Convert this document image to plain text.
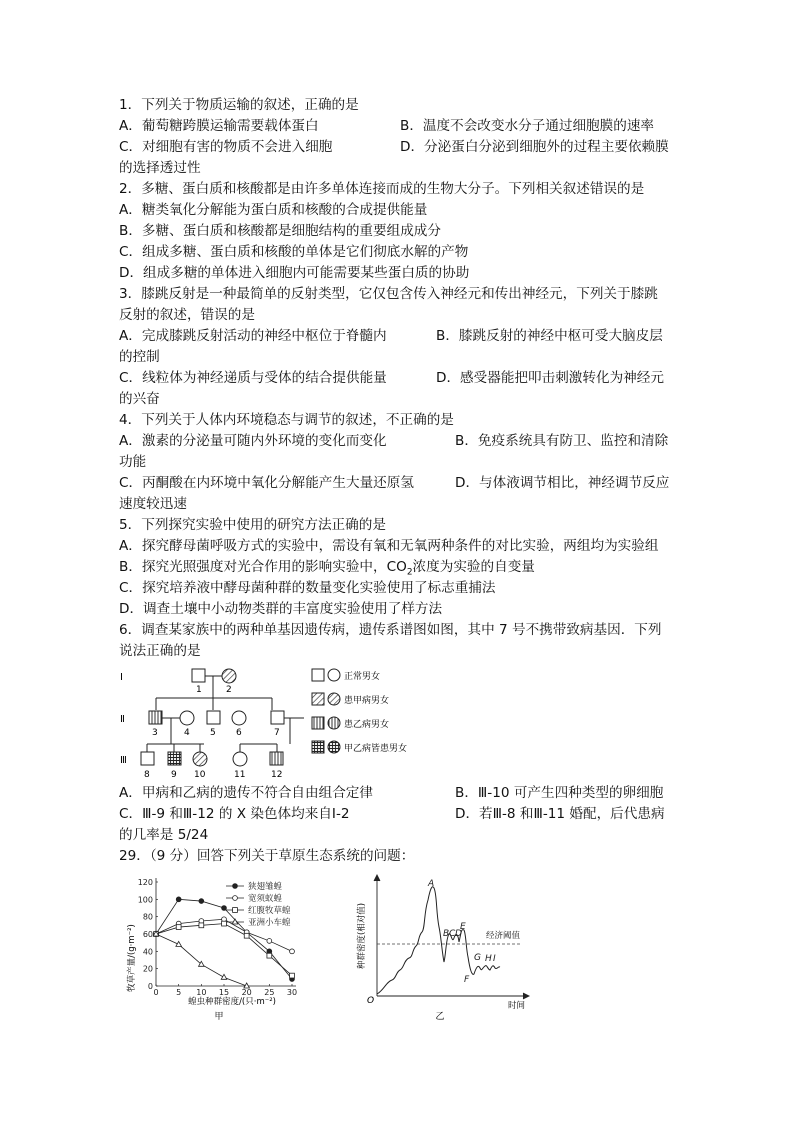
1．下列关于物质运输的叙述，正确的是
A．葡萄糖跨膜运输需要载体蛋白	B．温度不会改变水分子通过细胞膜的速率
C．对细胞有害的物质不会进入细胞	D．分泌蛋白分泌到细胞外的过程主要依赖膜
的选择透过性
2．多糖、蛋白质和核酸都是由许多单体连接而成的生物大分子。下列相关叙述错误的是
A．糖类氧化分解能为蛋白质和核酸的合成提供能量
B．多糖、蛋白质和核酸都是细胞结构的重要组成成分
C．组成多糖、蛋白质和核酸的单体是它们彻底水解的产物
D．组成多糖的单体进入细胞内可能需要某些蛋白质的协助
3．膝跳反射是一种最简单的反射类型，它仅包含传入神经元和传出神经元，下列关于膝跳
反射的叙述，错误的是
A．完成膝跳反射活动的神经中枢位于脊髓内	B．膝跳反射的神经中枢可受大脑皮层
的控制
C．线粒体为神经递质与受体的结合提供能量	D．感受器能把叩击刺激转化为神经元
的兴奋
4．下列关于人体内环境稳态与调节的叙述，不正确的是
A．激素的分泌量可随内外环境的变化而变化	B．免疫系统具有防卫、监控和清除
功能
C．丙酮酸在内环境中氧化分解能产生大量还原氢	D．与体液调节相比，神经调节反应
速度较迅速
5．下列探究实验中使用的研究方法正确的是
A．探究酵母菌呼吸方式的实验中，需设有氧和无氧两种条件的对比实验，两组均为实验组
B．探究光照强度对光合作用的影响实验中，$CO_2$浓度为实验的自变量
C．探究培养液中酵母菌种群的数量变化实验使用了标志重捕法
D．调查土壤中小动物类群的丰富度实验使用了样方法
6．调查某家族中的两种单基因遗传病，遗传系谱图如图，其中 7 号不携带致病基因．下列
说法正确的是
Ⅰ
Ⅱ
Ⅲ
1	2
3	4 5 6	7
8 9 10	11	12
正常男女
患甲病男女
患乙病男女
甲乙病皆患男女
A．甲病和乙病的遗传不符合自由组合定律	B．Ⅲ-10 可产生四种类型的卵细胞
C．Ⅲ-9 和Ⅲ-12 的 X 染色体均来自Ⅰ-2	D．若Ⅲ-8 和Ⅲ-11 婚配，后代患病
的几率是 5/24
29．（9 分）回答下列关于草原生态系统的问题：
0 5 10 15 20 25 30
0
20
40
60
80
100
120	狭翅雏蝗
宽须蚁蝗
红腹牧草蝗
亚洲小车蝗
牧草产量/(g·m⁻²)
蝗虫种群密度/(只·m⁻²)
甲
A
B C D
E
F
G H I
经济阈值
种群密度(相对值)
O	时间
乙
